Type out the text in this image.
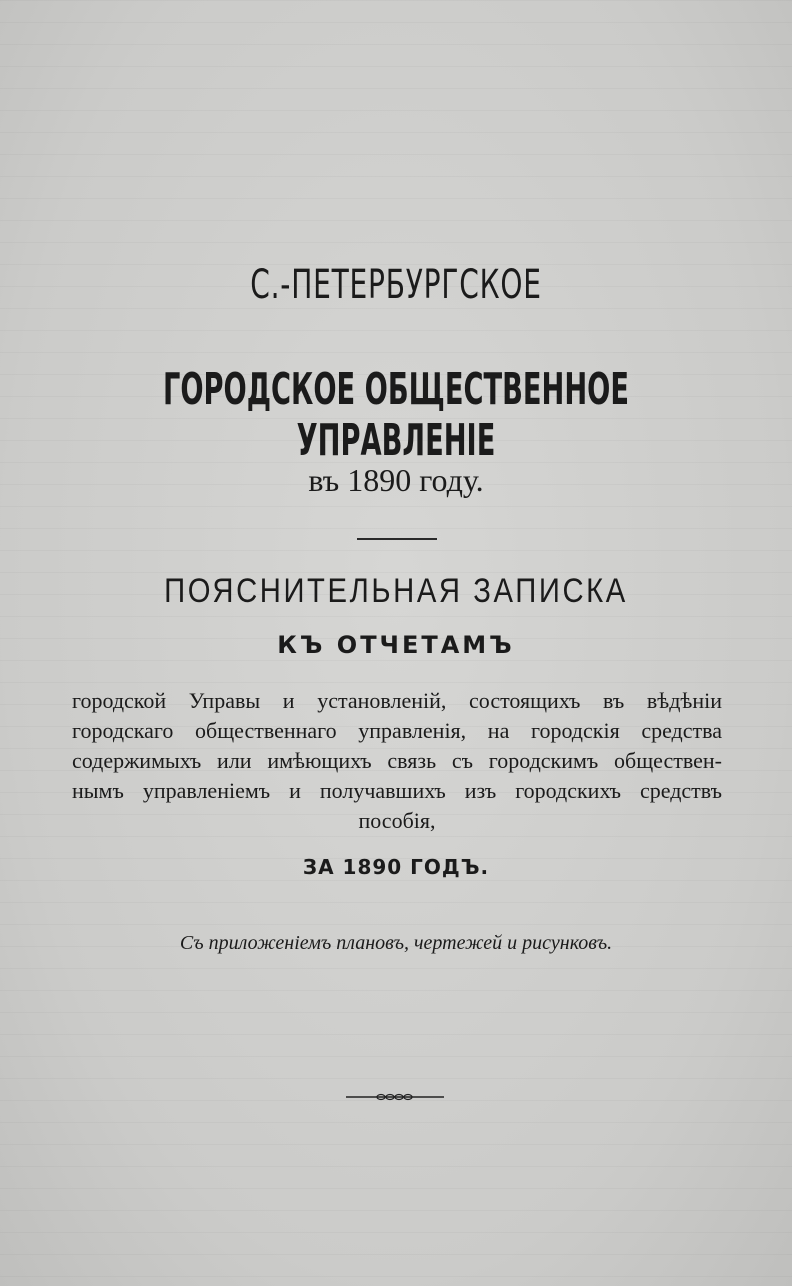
С.-ПЕТЕРБУРГСКОЕ
ГОРОДСКОЕ ОБЩЕСТВЕННОЕ УПРАВЛЕНІЕ
въ 1890 году.
ПОЯСНИТЕЛЬНАЯ ЗАПИСКА
КЪ ОТЧЕТАМЪ
городской Управы и установленій, состоящихъ въ вѣдѣніи
городскаго общественнаго управленія, на городскія средства
содержимыхъ или имѣющихъ связь съ городскимъ обществен-
нымъ управленіемъ и получавшихъ изъ городскихъ средствъ
пособія,
ЗА 1890 ГОДЪ.
Съ приложеніемъ плановъ, чертежей и рисунковъ.
